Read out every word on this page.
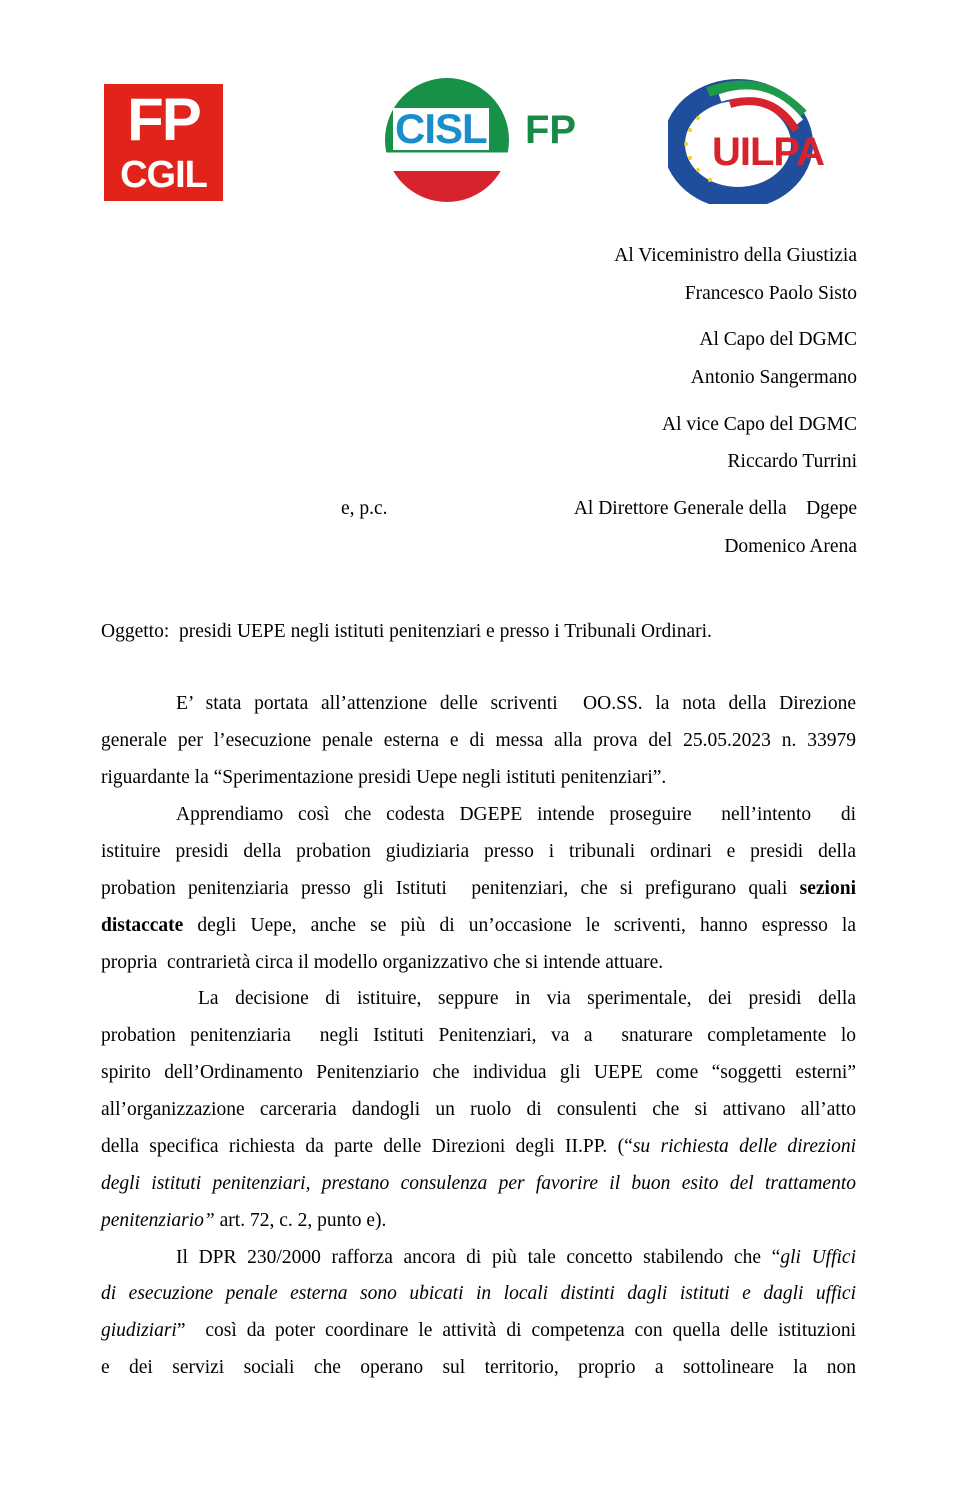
FP
CGIL
CISL FP	UILPA
Al Viceministro della Giustizia
Francesco Paolo Sisto
Al Capo del DGMC
Antonio Sangermano
Al vice Capo del DGMC
Riccardo Turrini
e, p.c.	Al Direttore Generale della    Dgepe
Domenico Arena
Oggetto:  presidi UEPE negli istituti penitenziari e presso i Tribunali Ordinari.
E’ stata portata all’attenzione delle scriventi  OO.SS. la nota della Direzione
generale per l’esecuzione penale esterna e di messa alla prova del 25.05.2023 n. 33979
riguardante la “Sperimentazione presidi Uepe negli istituti penitenziari”.
Apprendiamo così che codesta DGEPE intende proseguire  nell’intento  di
istituire presidi della probation giudiziaria presso i tribunali ordinari e presidi della
probation penitenziaria presso gli Istituti  penitenziari, che si prefigurano quali sezioni
distaccate degli Uepe, anche se più di un’occasione le scriventi, hanno espresso la
propria  contrarietà circa il modello organizzativo che si intende attuare.
La decisione di istituire, seppure in via sperimentale, dei presidi della
probation penitenziaria  negli Istituti Penitenziari, va a  snaturare completamente lo
spirito dell’Ordinamento Penitenziario che individua gli UEPE come “soggetti esterni”
all’organizzazione carceraria dandogli un ruolo di consulenti che si attivano all’atto
della specifica richiesta da parte delle Direzioni degli II.PP. (“su richiesta delle direzioni
degli istituti penitenziari, prestano consulenza per favorire il buon esito del trattamento
penitenziario” art. 72, c. 2, punto e).
Il DPR 230/2000 rafforza ancora di più tale concetto stabilendo che “gli Uffici
di esecuzione penale esterna sono ubicati in locali distinti dagli istituti e dagli uffici
giudiziari”  così da poter coordinare le attività di competenza con quella delle istituzioni
e dei servizi sociali che operano sul territorio, proprio a sottolineare la non
